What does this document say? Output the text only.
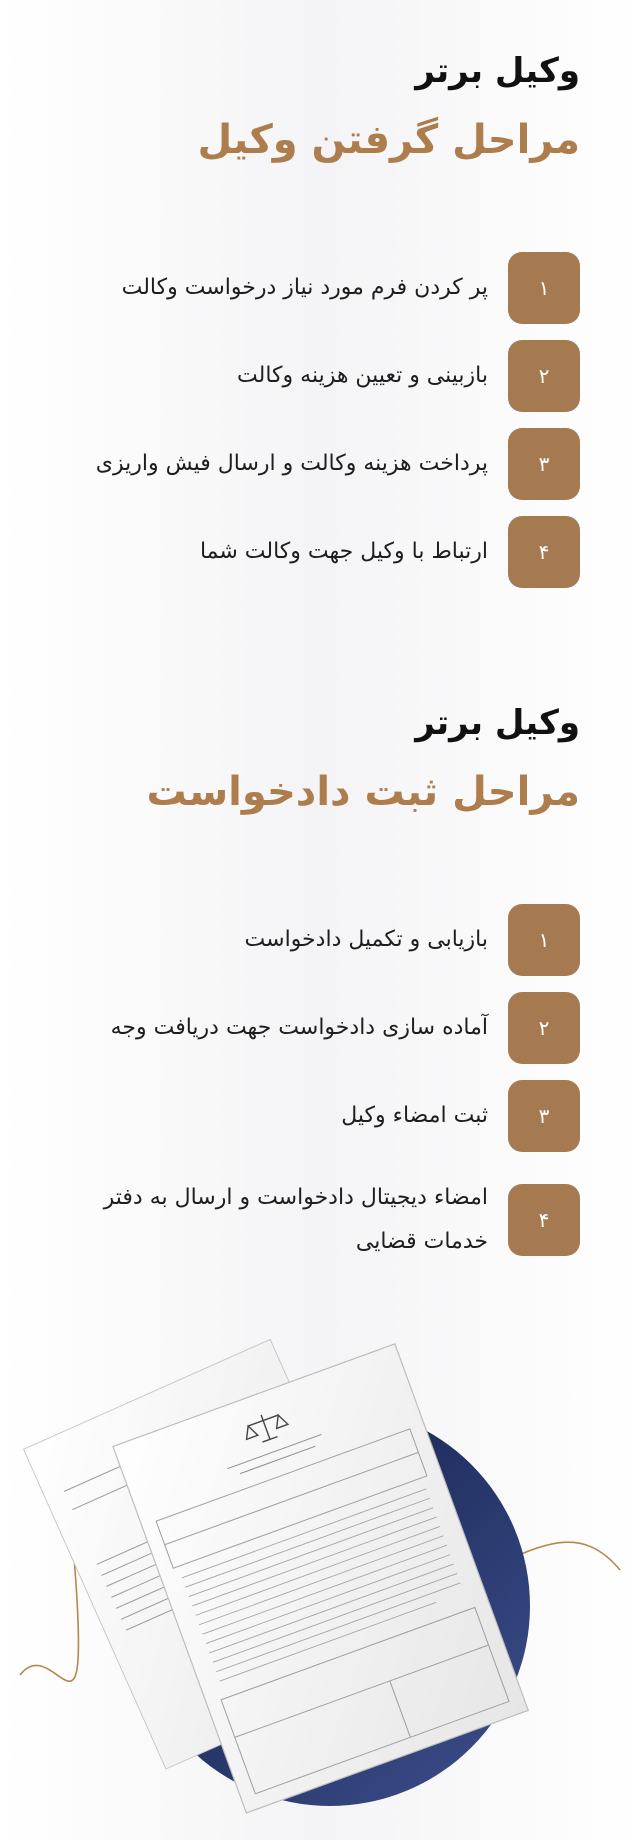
وکیل برتر
مراحل گرفتن وکیل
۱
پر کردن فرم مورد نیاز درخواست وکالت
۲
بازبینی و تعیین هزینه وکالت
۳
پرداخت هزینه وکالت و ارسال فیش واریزی
۴
ارتباط با وکیل جهت وکالت شما
وکیل برتر
مراحل ثبت دادخواست
۱
بازیابی و تکمیل دادخواست
۲
آماده سازی دادخواست جهت دریافت وجه
۳
ثبت امضاء وکیل
۴
امضاء دیجیتال دادخواست و ارسال به دفتر خدمات قضایی
